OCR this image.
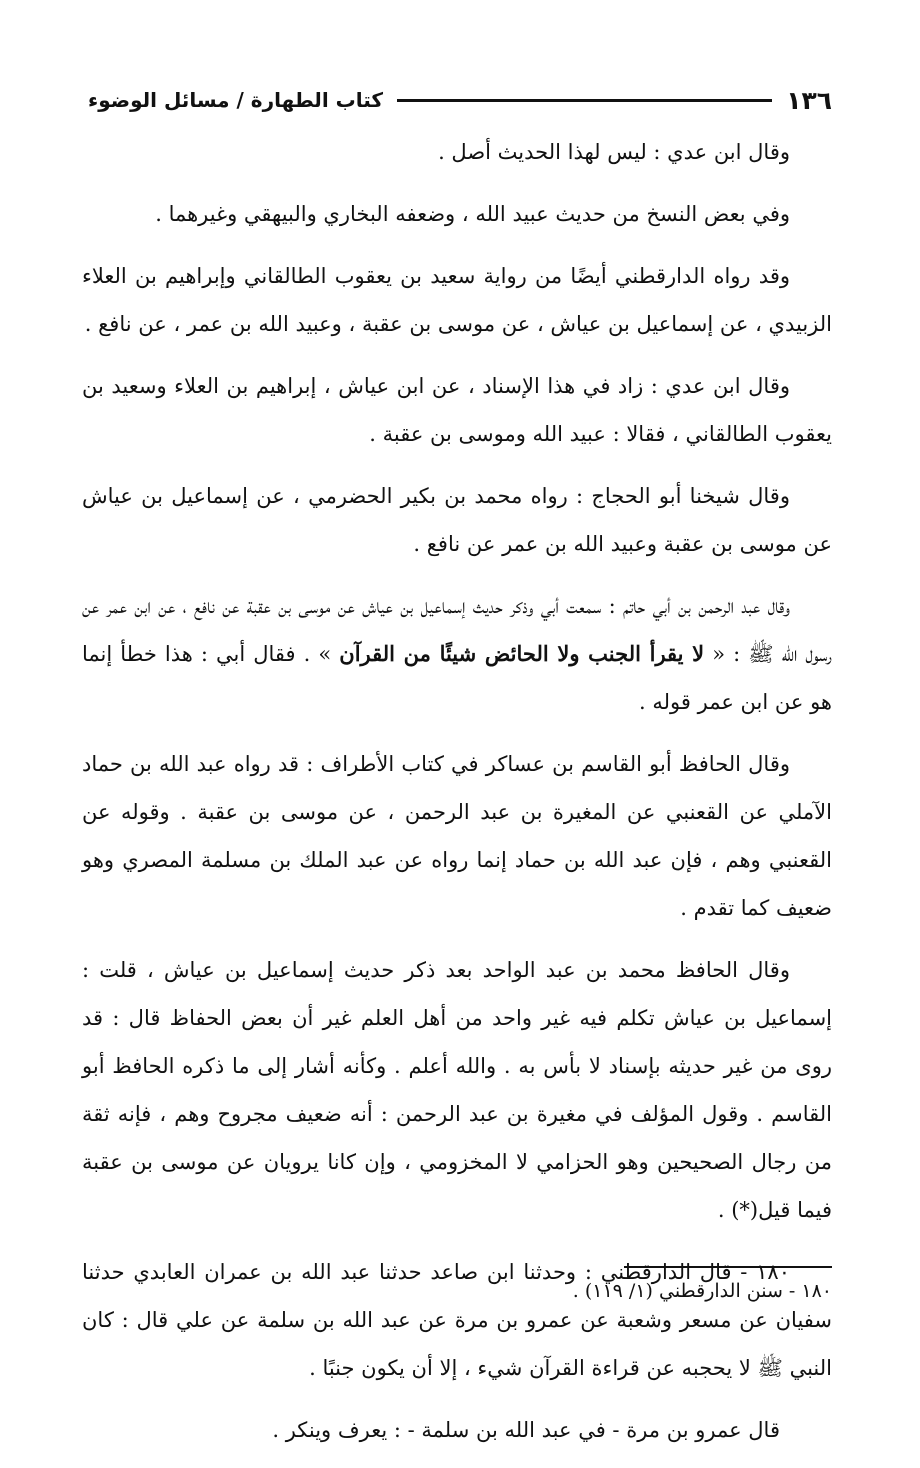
١٣٦
كتاب الطهارة / مسائل الوضوء

وقال ابن عدي : ليس لهذا الحديث أصل .

وفي بعض النسخ من حديث عبيد الله ، وضعفه البخاري والبيهقي وغيرهما .

وقد رواه الدارقطني أيضًا من رواية سعيد بن يعقوب الطالقاني وإبراهيم بن العلاء الزبيدي ، عن إسماعيل بن عياش ، عن موسى بن عقبة ، وعبيد الله بن عمر ، عن نافع .

وقال ابن عدي : زاد في هذا الإسناد ، عن ابن عياش ، إبراهيم بن العلاء وسعيد بن يعقوب الطالقاني ، فقالا : عبيد الله وموسى بن عقبة .

وقال شيخنا أبو الحجاج : رواه محمد بن بكير الحضرمي ، عن إسماعيل بن عياش عن موسى بن عقبة وعبيد الله بن عمر عن نافع .

وقال عبد الرحمن بن أبي حاتم : سمعت أبي وذكر حديث إسماعيل بن عياش عن موسى بن عقبة عن نافع ، عن ابن عمر عن رسول الله ﷺ : « لا يقرأ الجنب ولا الحائض شيئًا من القرآن » . فقال أبي : هذا خطأ إنما هو عن ابن عمر قوله .

وقال الحافظ أبو القاسم بن عساكر في كتاب الأطراف : قد رواه عبد الله بن حماد الآملي عن القعنبي عن المغيرة بن عبد الرحمن ، عن موسى بن عقبة . وقوله عن القعنبي وهم ، فإن عبد الله بن حماد إنما رواه عن عبد الملك بن مسلمة المصري وهو ضعيف كما تقدم .

وقال الحافظ محمد بن عبد الواحد بعد ذكر حديث إسماعيل بن عياش ، قلت : إسماعيل بن عياش تكلم فيه غير واحد من أهل العلم غير أن بعض الحفاظ قال : قد روى من غير حديثه بإسناد لا بأس به . والله أعلم . وكأنه أشار إلى ما ذكره الحافظ أبو القاسم . وقول المؤلف في مغيرة بن عبد الرحمن : أنه ضعيف مجروح وهم ، فإنه ثقة من رجال الصحيحين وهو الحزامي لا المخزومي ، وإن كانا يرويان عن موسى بن عقبة فيما قيل(*) .

١٨٠ - قال الدارقطني : وحدثنا ابن صاعد حدثنا عبد الله بن عمران العابدي حدثنا سفيان عن مسعر وشعبة عن عمرو بن مرة عن عبد الله بن سلمة عن علي قال : كان النبي ﷺ لا يحجبه عن قراءة القرآن شيء ، إلا أن يكون جنبًا .

قال عمرو بن مرة - في عبد الله بن سلمة - : يعرف وينكر .

١٨٠ - سنن الدارقطني (١/ ١١٩) .
